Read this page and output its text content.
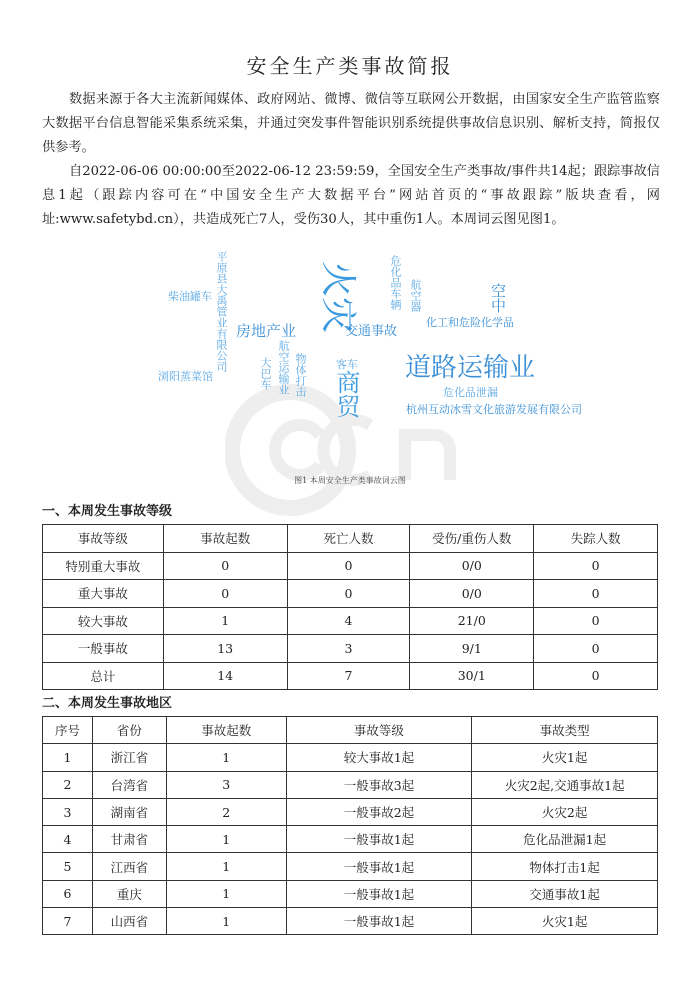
安全生产类事故简报

数据来源于各大主流新闻媒体、政府网站、微博、微信等互联网公开数据，由国家安全生产监管监察大数据平台信息智能采集系统采集，并通过突发事件智能识别系统提供事故信息识别、解析支持，简报仅供参考。

自2022-06-06 00:00:00至2022-06-12 23:59:59，全国安全生产类事故/事件共14起；跟踪事故信息1起（跟踪内容可在“中国安全生产大数据平台”网站首页的“事故跟踪”版块查看，网址:www.safetybd.cn），共造成死亡7人，受伤30人，其中重伤1人。本周词云图见图1。

火灾
道路运输业
商贸
房地产业	交通事故
平原县大禹管业有限公司
柴油罐车
浏阳蒸菜馆
危化品车辆
航空运输业 物体打击
大巴车	客车
航空器
化工和危险化学品
空中
危化品泄漏
杭州互动冰雪文化旅游发展有限公司
图1 本周安全生产类事故词云图
一、本周发生事故等级
事故等级	事故起数	死亡人数	受伤/重伤人数	失踪人数
特别重大事故	0	0	0/0	0
重大事故	0	0	0/0	0
较大事故	1	4	21/0	0
一般事故	13	3	9/1	0
总计	14	7	30/1	0
二、本周发生事故地区
序号	省份	事故起数	事故等级	事故类型
1	浙江省	1	较大事故1起	火灾1起
2	台湾省	3	一般事故3起	火灾2起,交通事故1起
3	湖南省	2	一般事故2起	火灾2起
4	甘肃省	1	一般事故1起	危化品泄漏1起
5	江西省	1	一般事故1起	物体打击1起
6	重庆	1	一般事故1起	交通事故1起
7	山西省	1	一般事故1起	火灾1起
